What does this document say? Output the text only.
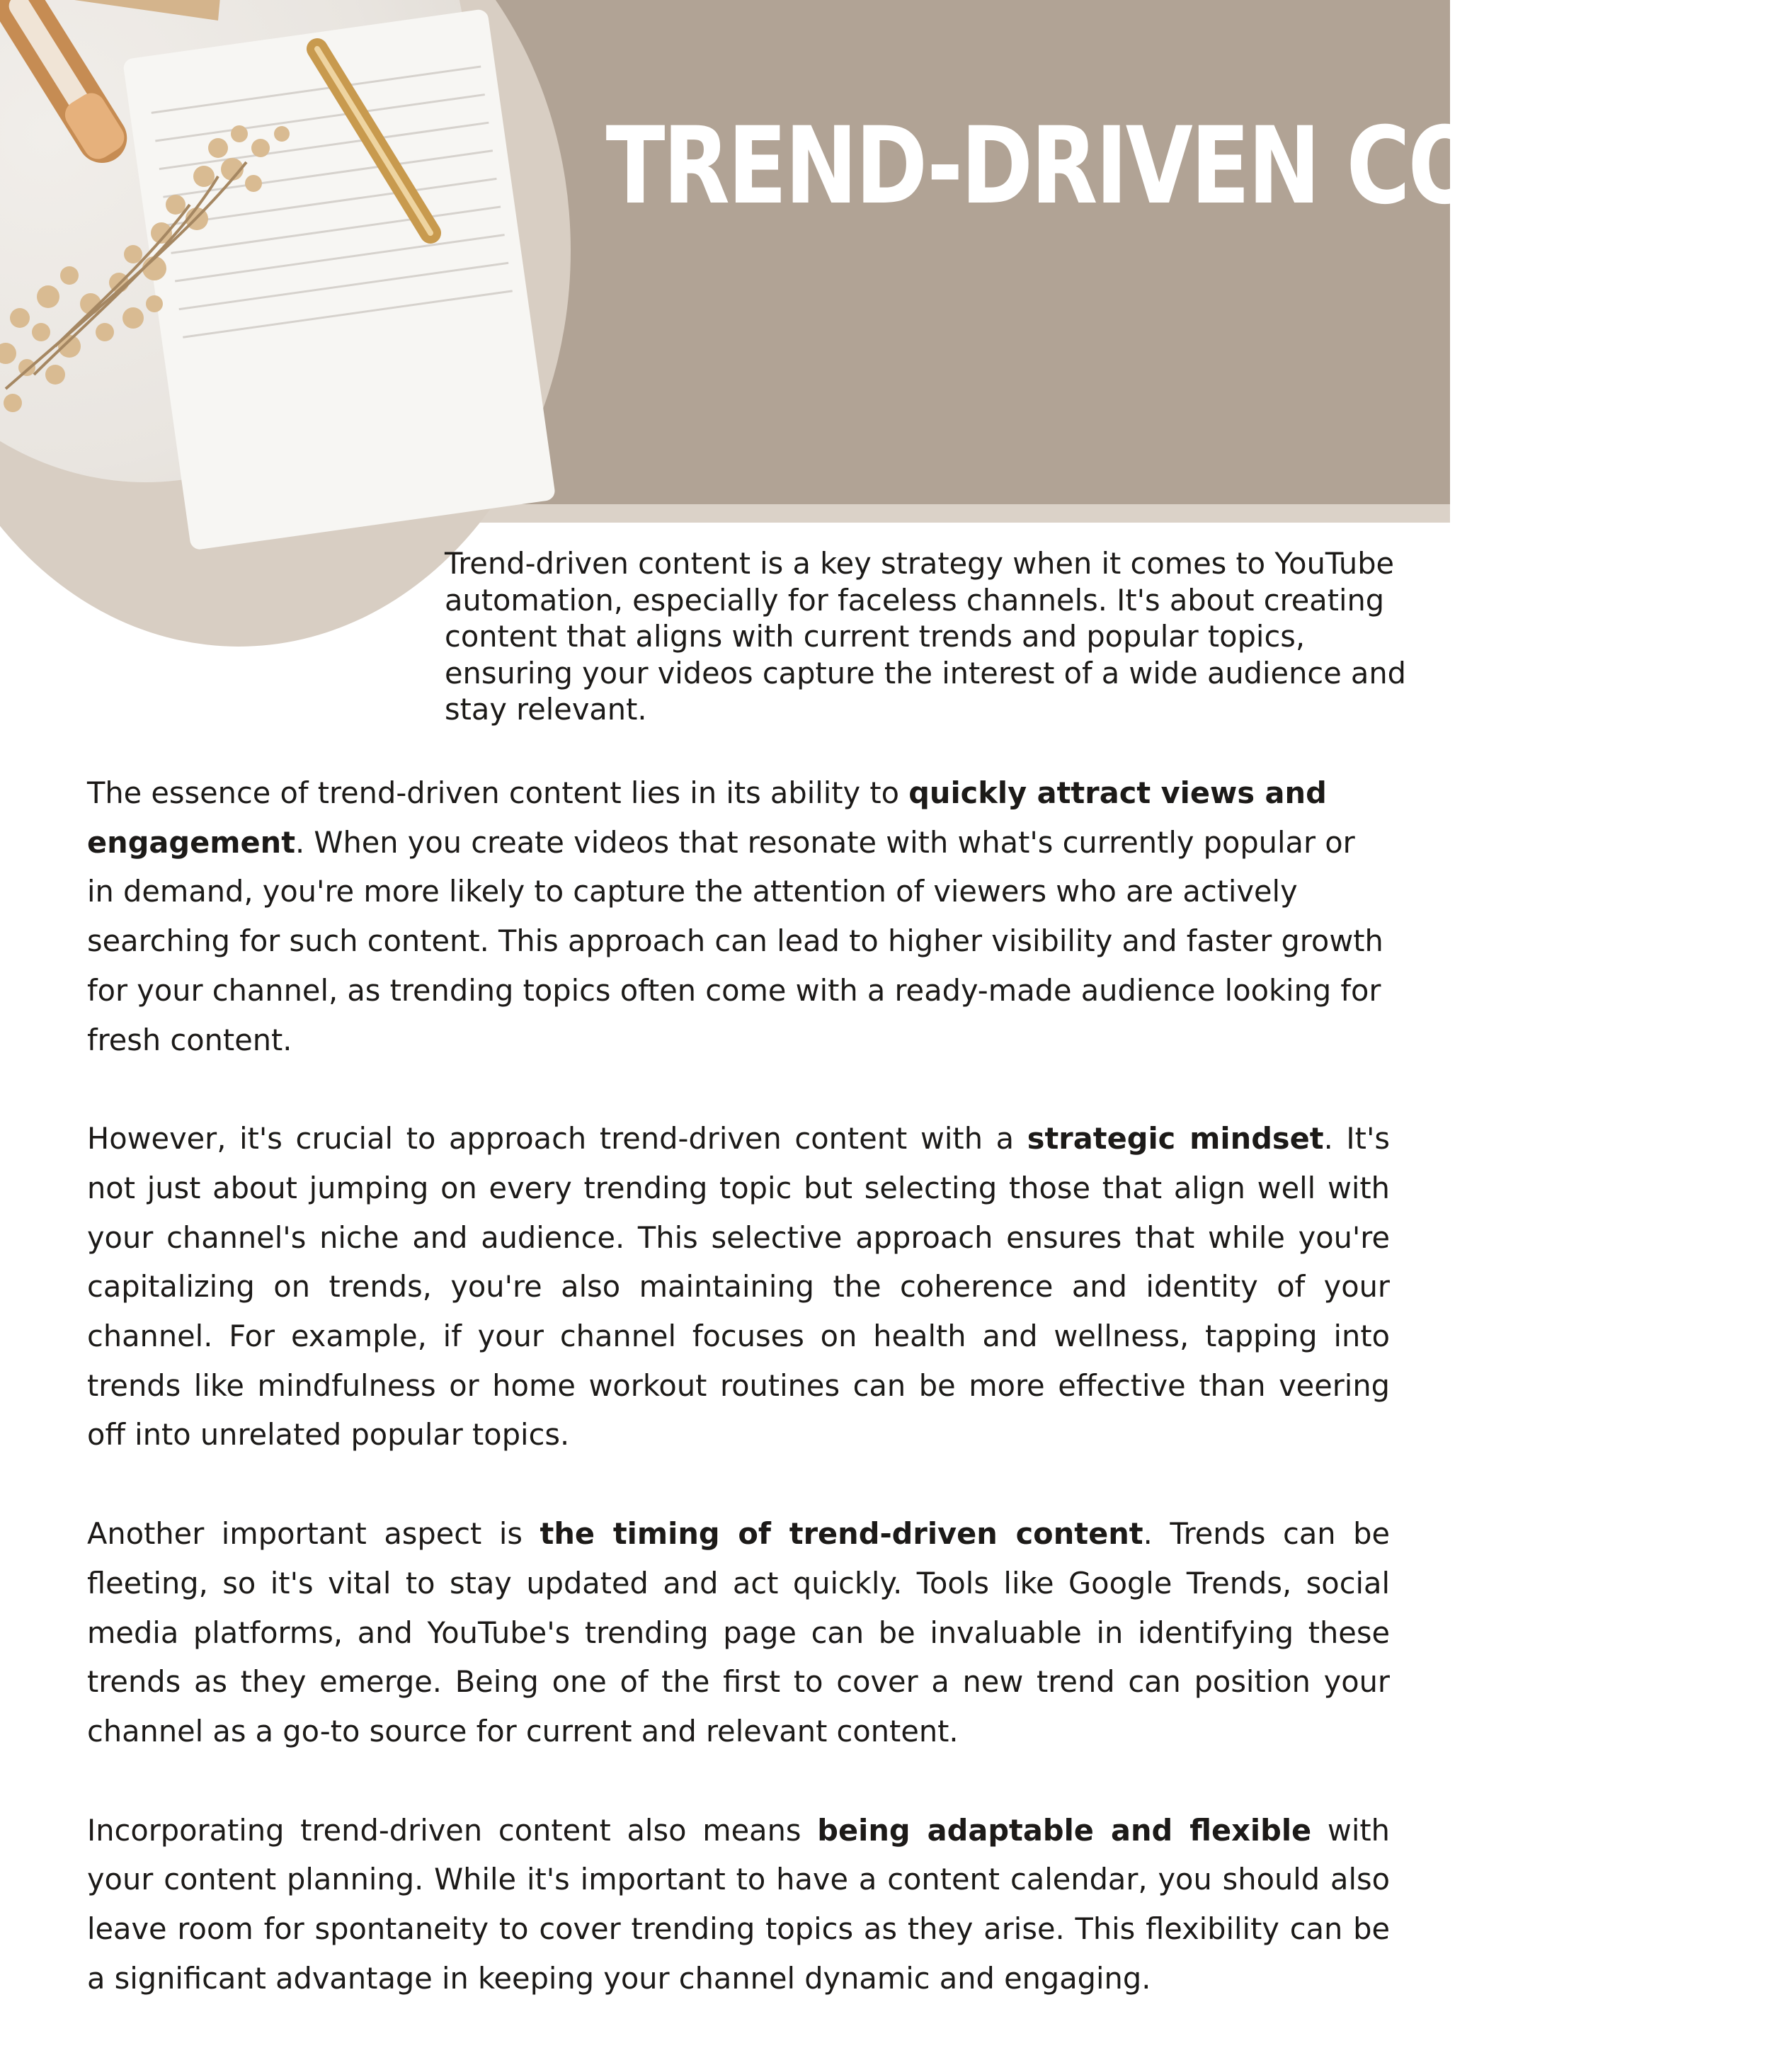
TREND-DRIVEN CONTENT

Trend-driven content is a key strategy when it comes to YouTube automation, especially for faceless channels. It's about creating content that aligns with current trends and popular topics, ensuring your videos capture the interest of a wide audience and stay relevant.

The essence of trend-driven content lies in its ability to quickly attract views and engagement. When you create videos that resonate with what's currently popular or in demand, you're more likely to capture the attention of viewers who are actively searching for such content. This approach can lead to higher visibility and faster growth for your channel, as trending topics often come with a ready-made audience looking for fresh content.

However, it's crucial to approach trend-driven content with a strategic mindset. It's not just about jumping on every trending topic but selecting those that align well with your channel's niche and audience. This selective approach ensures that while you're capitalizing on trends, you're also maintaining the coherence and identity of your channel. For example, if your channel focuses on health and wellness, tapping into trends like mindfulness or home workout routines can be more effective than veering off into unrelated popular topics.

Another important aspect is the timing of trend-driven content. Trends can be fleeting, so it's vital to stay updated and act quickly. Tools like Google Trends, social media platforms, and YouTube's trending page can be invaluable in identifying these trends as they emerge. Being one of the first to cover a new trend can position your channel as a go-to source for current and relevant content.

Incorporating trend-driven content also means being adaptable and flexible with your content planning. While it's important to have a content calendar, you should also leave room for spontaneity to cover trending topics as they arise. This flexibility can be a significant advantage in keeping your channel dynamic and engaging.
